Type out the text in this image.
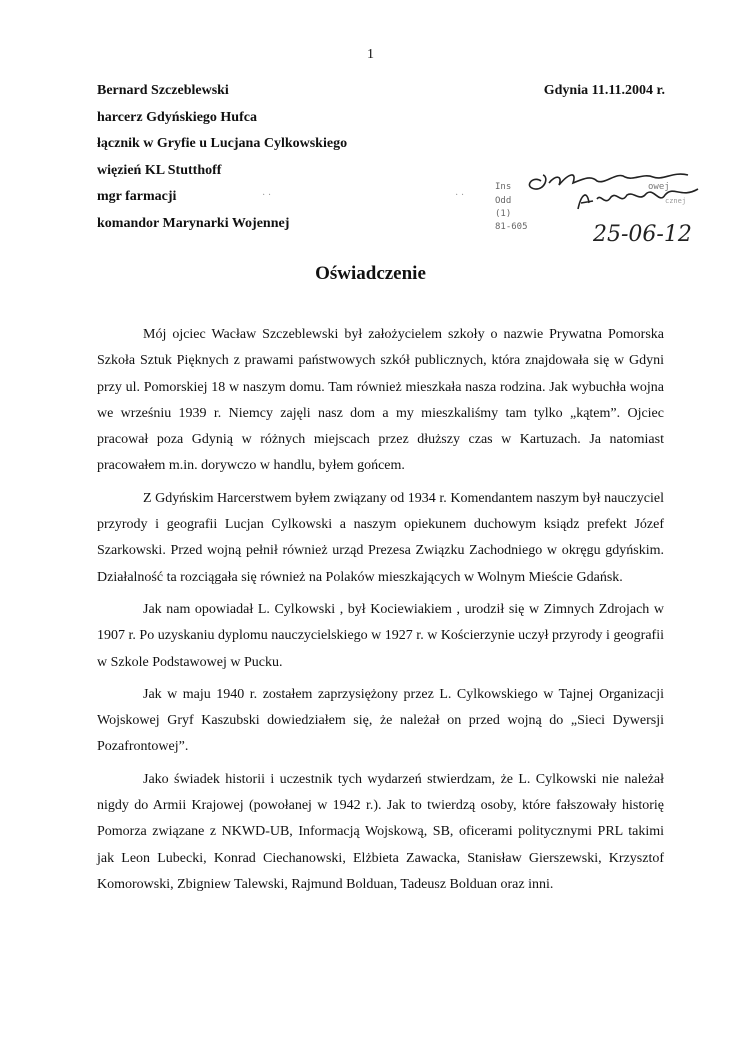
1
Bernard Szczeblewski
harcerz Gdyńskiego Hufca
łącznik w Gryfie u Lucjana Cylkowskiego
więzień KL Stutthoff
mgr farmacji
komandor Marynarki Wojennej
Gdynia 11.11.2004 r.
· ·	· ·
Ins
Odd
(1)
81-605
owej
cznej
25-06-12
Oświadczenie

Mój ojciec Wacław Szczeblewski był założycielem szkoły o nazwie Prywatna Pomorska Szkoła Sztuk Pięknych z prawami państwowych szkół publicznych, która znajdowała się w Gdyni przy ul. Pomorskiej 18 w naszym domu. Tam również mieszkała nasza rodzina. Jak wybuchła wojna we wrześniu 1939 r. Niemcy zajęli nasz dom a my mieszkaliśmy tam tylko „kątem”. Ojciec pracował poza Gdynią w różnych miejscach przez dłuższy czas w Kartuzach. Ja natomiast pracowałem m.in. dorywczo w handlu, byłem gońcem.

Z Gdyńskim Harcerstwem byłem związany od 1934 r. Komendantem naszym był nauczyciel przyrody i geografii Lucjan Cylkowski a naszym opiekunem duchowym ksiądz prefekt Józef Szarkowski. Przed wojną pełnił również urząd Prezesa Związku Zachodniego w okręgu gdyńskim. Działalność ta rozciągała się również na Polaków mieszkających w Wolnym Mieście Gdańsk.

Jak nam opowiadał L. Cylkowski , był Kociewiakiem , urodził się w Zimnych Zdrojach w 1907 r. Po uzyskaniu dyplomu nauczycielskiego w 1927 r. w Kościerzynie uczył przyrody i geografii w Szkole Podstawowej w Pucku.

Jak w maju 1940 r. zostałem zaprzysiężony przez L. Cylkowskiego w Tajnej Organizacji Wojskowej Gryf Kaszubski dowiedziałem się, że należał on przed wojną do „Sieci Dywersji Pozafrontowej”.

Jako świadek historii i uczestnik tych wydarzeń stwierdzam, że L. Cylkowski nie należał nigdy do Armii Krajowej (powołanej w 1942 r.). Jak to twierdzą osoby, które fałszowały historię Pomorza związane z NKWD-UB, Informacją Wojskową, SB, oficerami politycznymi PRL takimi jak Leon Lubecki, Konrad Ciechanowski, Elżbieta Zawacka, Stanisław Gierszewski, Krzysztof Komorowski, Zbigniew Talewski, Rajmund Bolduan, Tadeusz Bolduan oraz inni.
